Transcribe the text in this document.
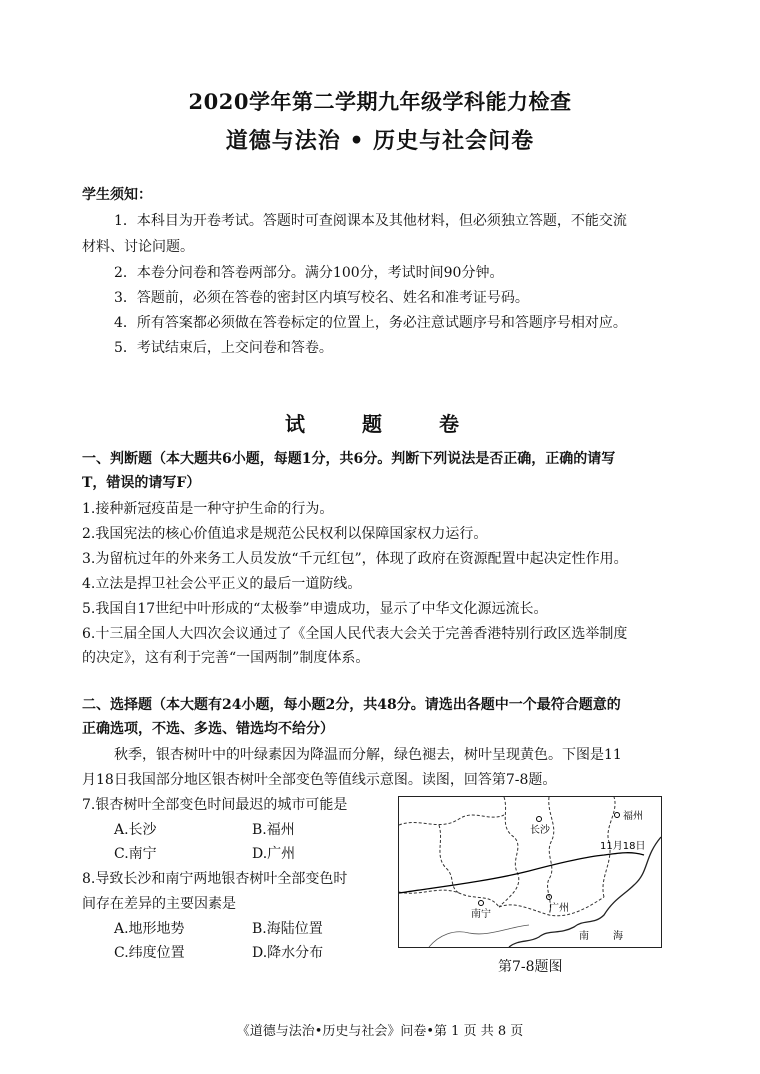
2020学年第二学期九年级学科能力检查
道德与法治 • 历史与社会问卷
学生须知：
1．本科目为开卷考试。答题时可查阅课本及其他材料，但必须独立答题，不能交流
材料、讨论问题。
2．本卷分问卷和答卷两部分。满分100分，考试时间90分钟。
3．答题前，必须在答卷的密封区内填写校名、姓名和准考证号码。
4．所有答案都必须做在答卷标定的位置上，务必注意试题序号和答题序号相对应。
5．考试结束后，上交问卷和答卷。
试 题 卷
一、判断题（本大题共6小题，每题1分，共6分。判断下列说法是否正确，正确的请写
T，错误的请写F）
1.接种新冠疫苗是一种守护生命的行为。
2.我国宪法的核心价值追求是规范公民权利以保障国家权力运行。
3.为留杭过年的外来务工人员发放“千元红包”，体现了政府在资源配置中起决定性作用。
4.立法是捍卫社会公平正义的最后一道防线。
5.我国自17世纪中叶形成的“太极拳”申遗成功，显示了中华文化源远流长。
6.十三届全国人大四次会议通过了《全国人民代表大会关于完善香港特别行政区选举制度
的决定》，这有利于完善“一国两制”制度体系。
二、选择题（本大题有24小题，每小题2分，共48分。请选出各题中一个最符合题意的
正确选项，不选、多选、错选均不给分）
秋季，银杏树叶中的叶绿素因为降温而分解，绿色褪去，树叶呈现黄色。下图是11
月18日我国部分地区银杏树叶全部变色等值线示意图。读图，回答第7-8题。
7.银杏树叶全部变色时间最迟的城市可能是
A.长沙	B.福州
C.南宁	D.广州
8.导致长沙和南宁两地银杏树叶全部变色时
间存在差异的主要因素是
A.地形地势	B.海陆位置
C.纬度位置	D.降水分布
长沙
福州
11月18日
南宁
广州
南 海
第7-8题图
《道德与法治•历史与社会》问卷•第 1 页 共 8 页
